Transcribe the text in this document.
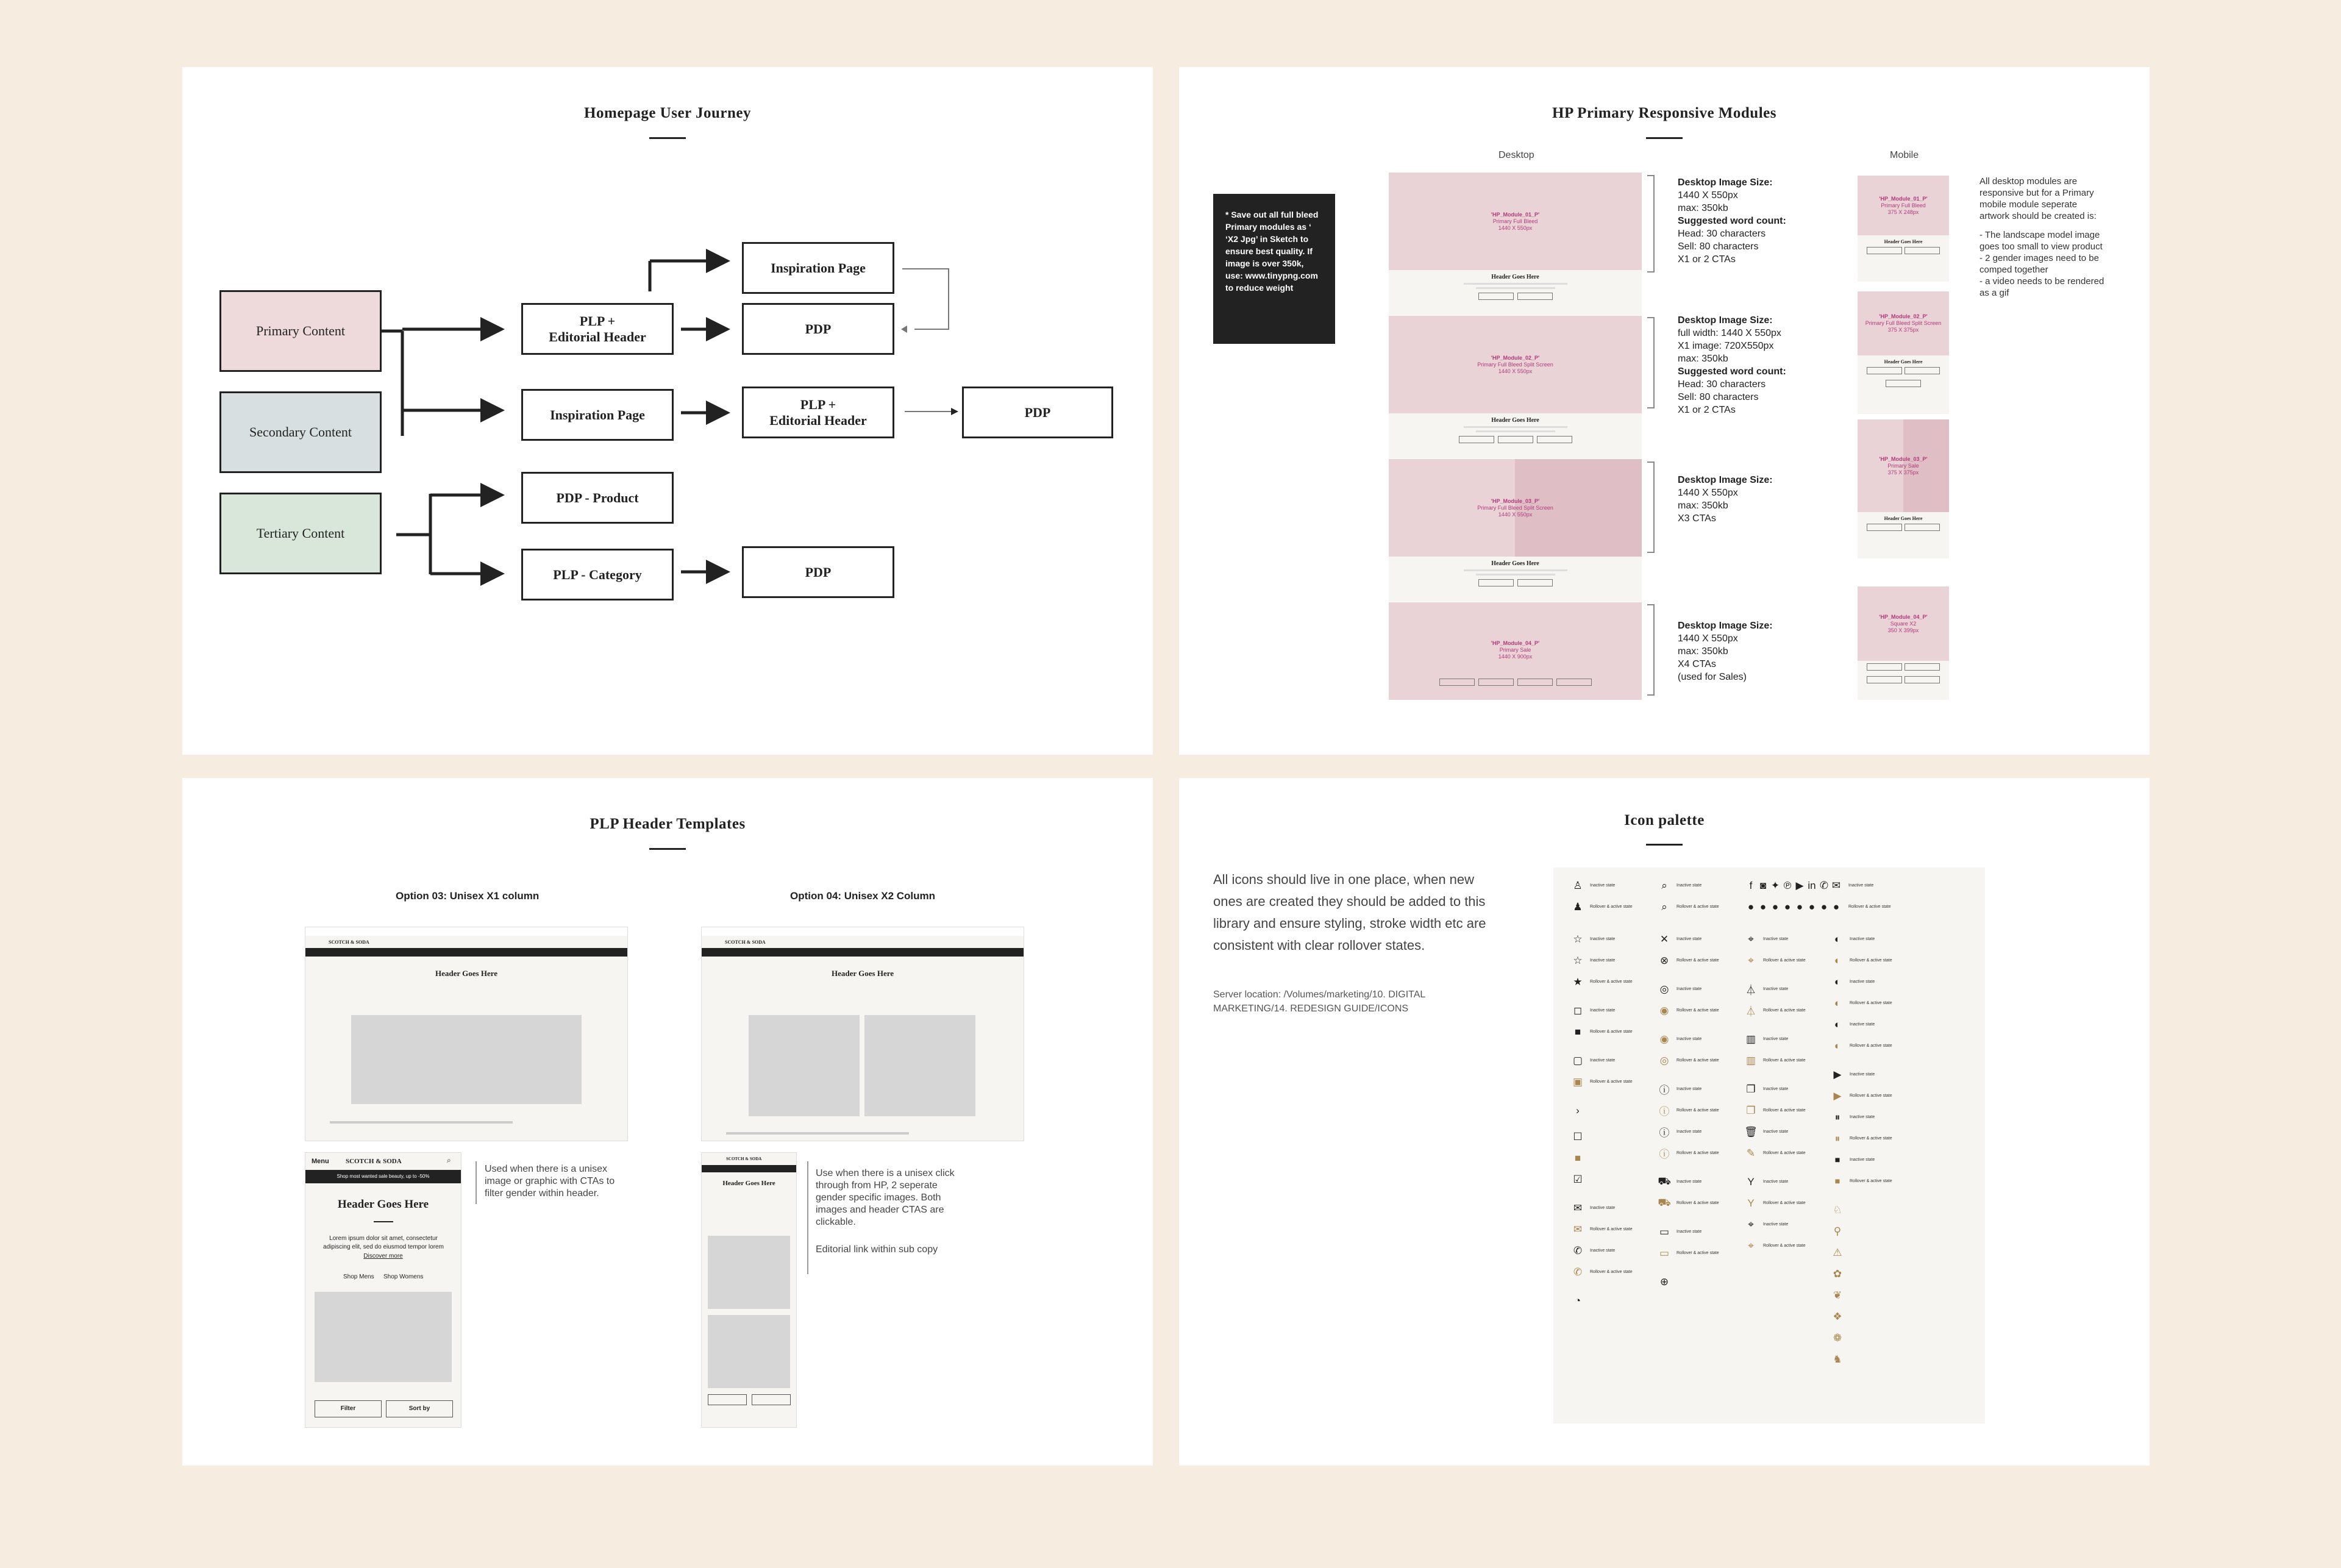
Homepage User Journey
Primary Content
Secondary Content
Tertiary Content
PLP +
Editorial Header
Inspiration Page
PDP
Inspiration Page
PLP +
Editorial Header
PDP
PDP - Product
PLP - Category	PDP
HP Primary Responsive Modules
Desktop	Mobile
* Save out all full bleed Primary modules as ‘ ‘X2 Jpg’ in Sketch to ensure best quality. If image is over 350k, use: www.tinypng.com to reduce weight
'HP_Module_01_P'
Primary Full Bleed
1440 X 550px
Header Goes Here
'HP_Module_02_P'
Primary Full Bleed Split Screen
1440 X 550px
Header Goes Here
'HP_Module_03_P'
Primary Full Bleed Split Screen
1440 X 550px
Header Goes Here
'HP_Module_04_P'
Primary Sale
1440 X 900px
Desktop Image Size:
1440 X 550px
max: 350kb
Suggested word count:
Head: 30 characters
Sell: 80 characters
X1 or 2 CTAs
Desktop Image Size:
full width: 1440 X 550px
X1 image: 720X550px
max: 350kb
Suggested word count:
Head: 30 characters
Sell: 80 characters
X1 or 2 CTAs
Desktop Image Size:
1440 X 550px
max: 350kb
X3 CTAs
Desktop Image Size:
1440 X 550px
max: 350kb
X4 CTAs
(used for Sales)
'HP_Module_01_P'
Primary Full Bleed
375 X 248px
Header Goes Here
'HP_Module_02_P'
Primary Full Bleed Split Screen
375 X 375px
Header Goes Here

'HP_Module_03_P'
Primary Sale
375 X 375px
Header Goes Here
'HP_Module_04_P'
Square X2
350 X 399px

All desktop modules are responsive but for a Primary mobile module seperate artwork should be created is:
- The landscape model image goes too small to view product
- 2 gender images need to be comped together
- a video needs to be rendered as a gif
PLP Header Templates
Option 03: Unisex X1 column	Option 04: Unisex X2 Column
SCOTCH & SODA
Header Goes Here
SCOTCH & SODA
Header Goes Here
Menu SCOTCH & SODA	⌕
Shop most wanted sale beauty, up to -50%
Header Goes Here
Lorem ipsum dolor sit amet, consectetur adipiscing elit, sed do eiusmod tempor lorem
Discover more
Shop Mens Shop Womens
Filter	Sort by
SCOTCH & SODA
Header Goes Here
Used when there is a unisex image or graphic with CTAs to filter gender within header.
Use when there is a unisex click through from HP, 2 seperate gender specific images. Both images and header CTAS are clickable.
Editorial link within sub copy
Icon palette
All icons should live in one place, when new ones are created they should be added to this library and ensure styling, stroke width etc are consistent with clear rollover states.
Server location: /Volumes/marketing/10. DIGITAL MARKETING/14. REDESIGN GUIDE/ICONS
♙	Inactive state
♟	Rollover & active state
☆	Inactive state
☆	Inactive state
★	Rollover & active state
◻	Inactive state
■	Rollover & active state
▢ Inactive state
▣ Rollover & active state
›
☐
■
☑
✉	Inactive state
✉	Rollover & active state
✆	Inactive state
✆	Rollover & active state
◔
⌕	Inactive state
⌕	Rollover & active state
✕	Inactive state
⊗	Rollover & active state
◎	Inactive state
◉	Rollover & active state
◉	Inactive state
◎	Rollover & active state
ⓘ Inactive state
ⓘ Rollover & active state
ⓘ Inactive state
ⓘ Rollover & active state
⛟ Inactive state
⛟ Rollover & active state
▭ Inactive state
▭ Rollover & active state
⊕
f ◙ ✦ ℗ ▶ in ✆ ✉	Inactive state
● ● ● ● ● ● ● ●	Rollover & active state
⌖	Inactive state
⌖	Rollover & active state
⏃ Inactive state
⏃ Rollover & active state
▥ Inactive state
▥ Rollover & active state
❐	Inactive state
❐	Rollover & active state
🗑 Inactive state
✎	Rollover & active state
Y	Inactive state
Y	Rollover & active state
⌖	Inactive state
⌖	Rollover & active state
◐	Inactive state
◐	Rollover & active state
◐	Inactive state
◐	Rollover & active state
◐	Inactive state
◐	Rollover & active state
▶	Inactive state
▶	Rollover & active state
⏸	Inactive state
⏸	Rollover & active state
⏹	Inactive state
⏹	Rollover & active state
♘
⚲
⚠
✿
❦
❖
❁
♞
